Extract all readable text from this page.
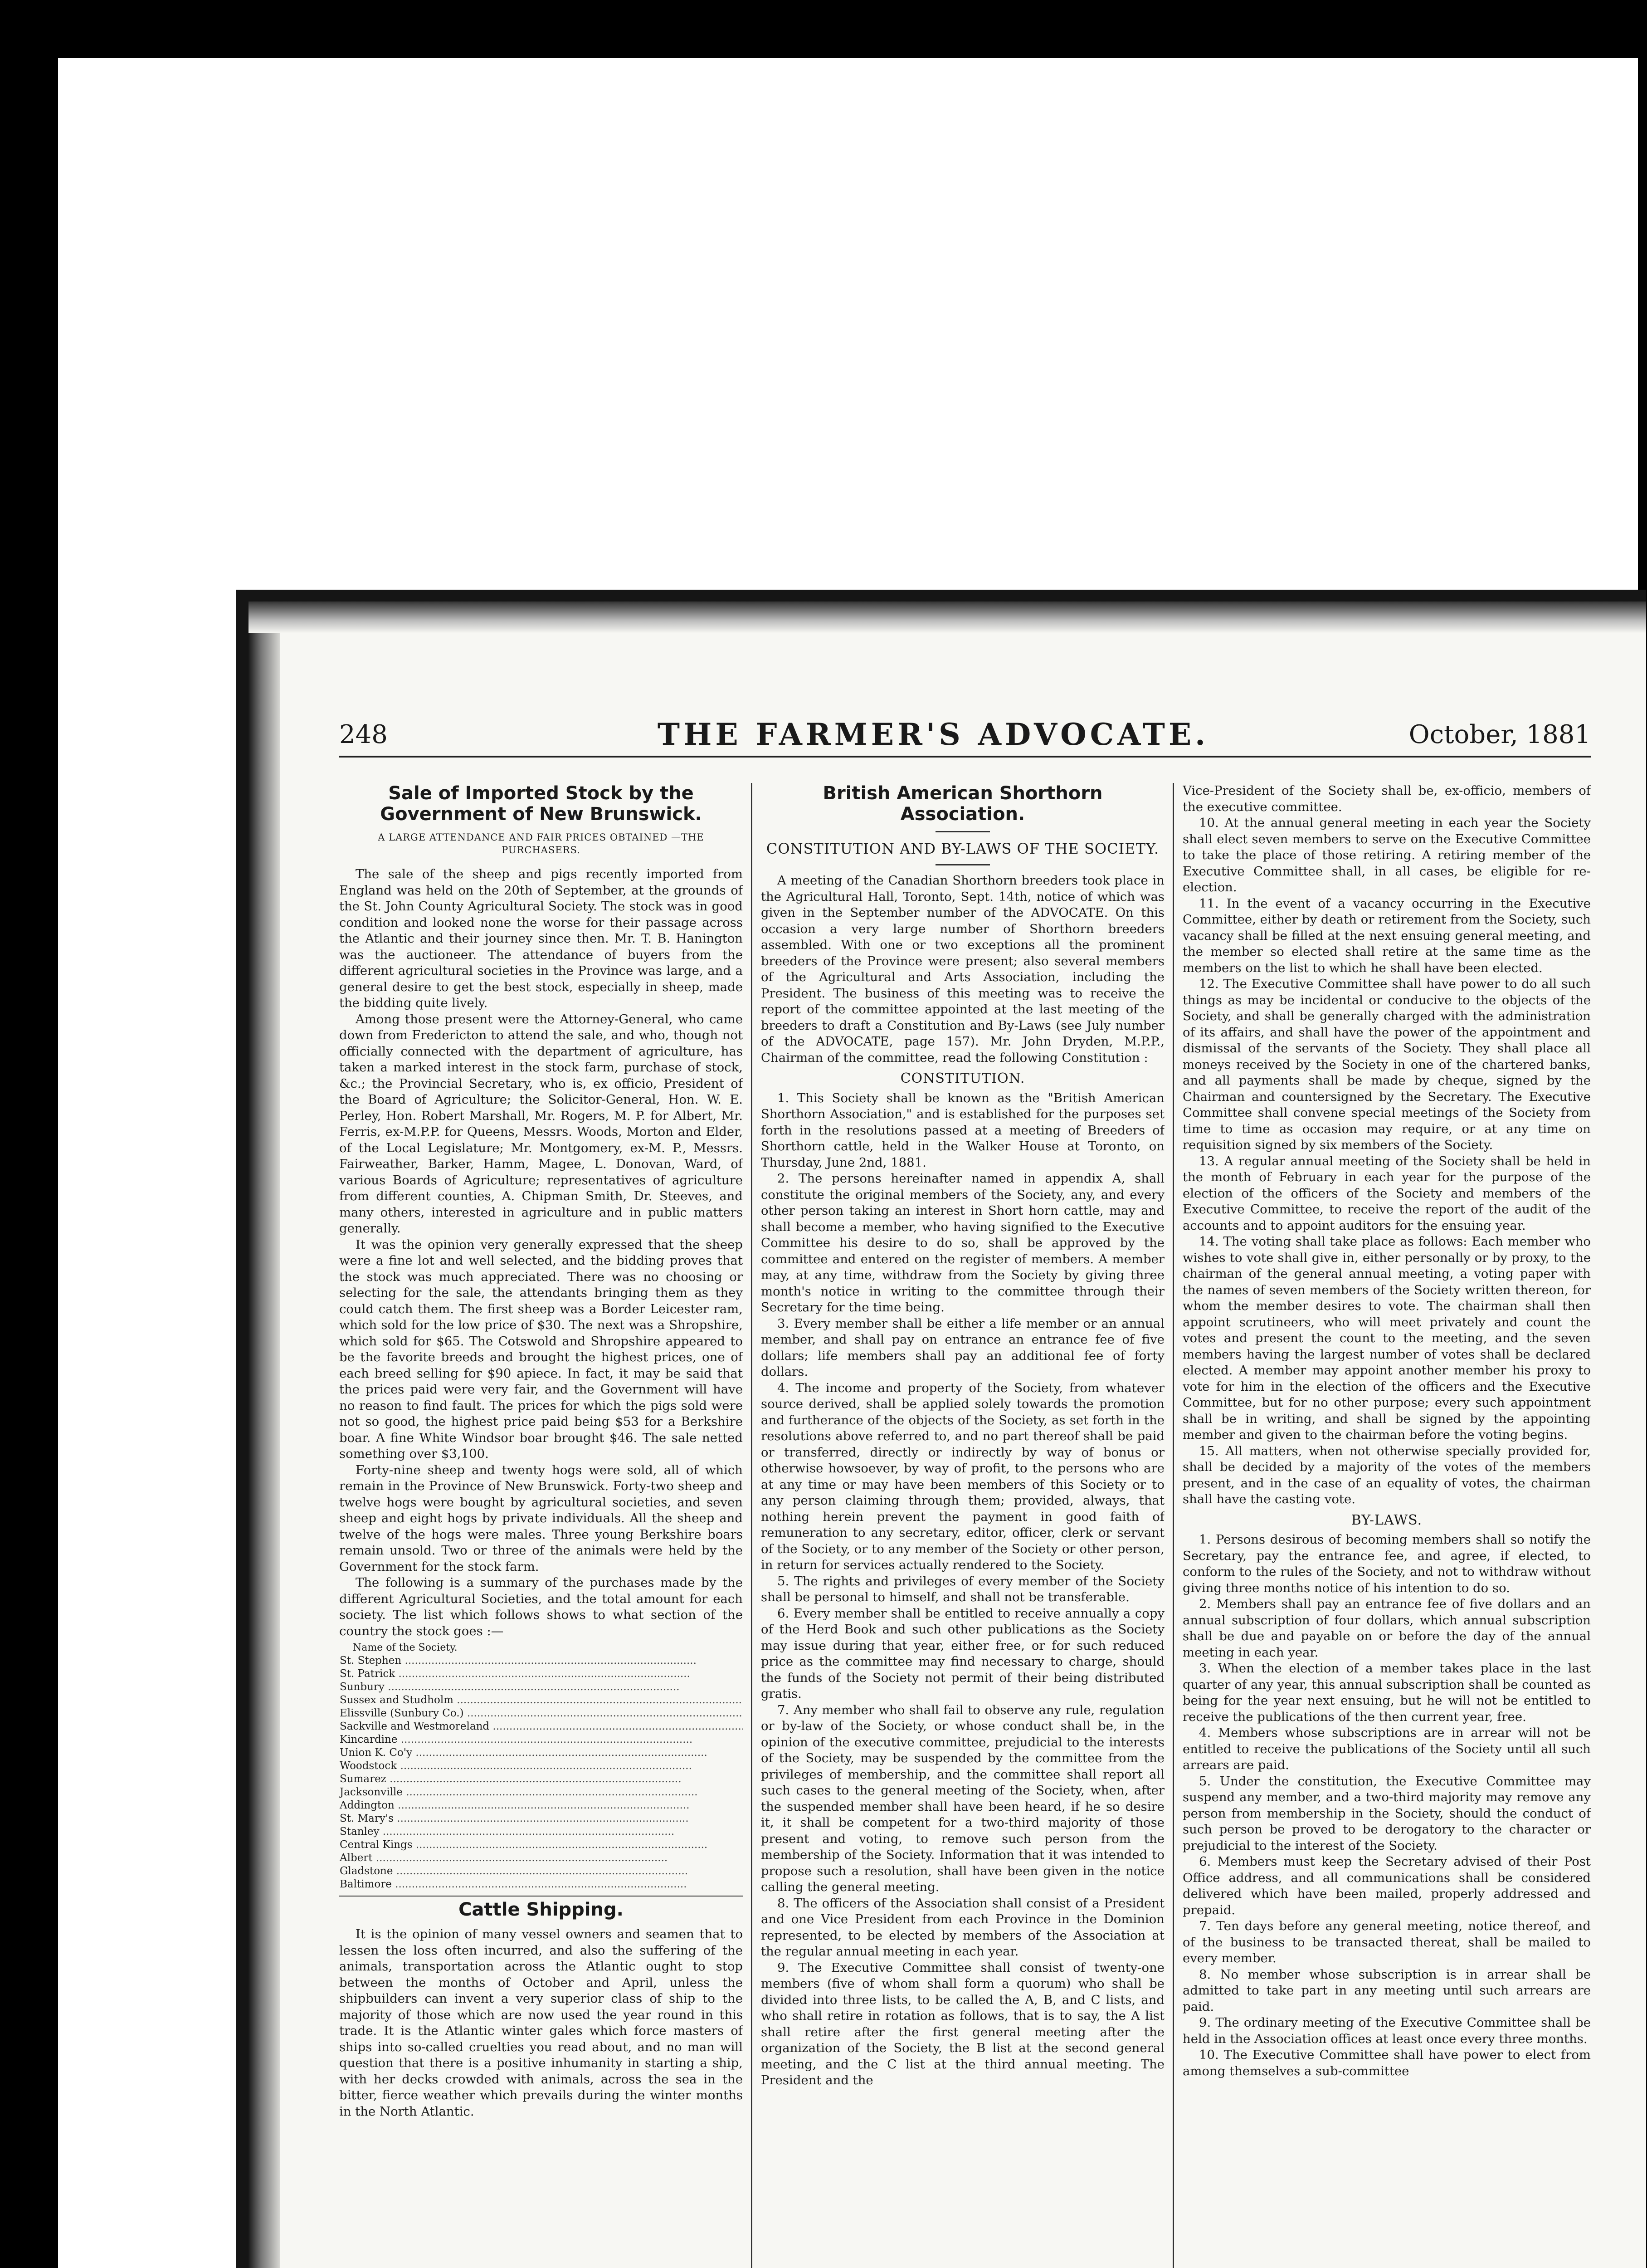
248	THE FARMER'S ADVOCATE.	October, 1881
Sale of Imported Stock by the Government of New Brunswick.
A LARGE ATTENDANCE AND FAIR PRICES OBTAINED —THE PURCHASERS.

The sale of the sheep and pigs recently imported from England was held on the 20th of September, at the grounds of the St. John County Agricultural Society. The stock was in good condition and looked none the worse for their passage across the Atlantic and their journey since then. Mr. T. B. Hanington was the auctioneer. The attendance of buyers from the different agricultural societies in the Province was large, and a general desire to get the best stock, especially in sheep, made the bidding quite lively.

Among those present were the Attorney-General, who came down from Fredericton to attend the sale, and who, though not officially connected with the department of agriculture, has taken a marked interest in the stock farm, purchase of stock, &c.; the Provincial Secretary, who is, ex officio, President of the Board of Agriculture; the Solicitor-General, Hon. W. E. Perley, Hon. Robert Marshall, Mr. Rogers, M. P. for Albert, Mr. Ferris, ex-M.P.P. for Queens, Messrs. Woods, Morton and Elder, of the Local Legislature; Mr. Montgomery, ex-M. P., Messrs. Fairweather, Barker, Hamm, Magee, L. Donovan, Ward, of various Boards of Agriculture; representatives of agriculture from different counties, A. Chipman Smith, Dr. Steeves, and many others, interested in agriculture and in public matters generally.

It was the opinion very generally expressed that the sheep were a fine lot and well selected, and the bidding proves that the stock was much appreciated. There was no choosing or selecting for the sale, the attendants bringing them as they could catch them. The first sheep was a Border Leicester ram, which sold for the low price of $30. The next was a Shropshire, which sold for $65. The Cotswold and Shropshire appeared to be the favorite breeds and brought the highest prices, one of each breed selling for $90 apiece. In fact, it may be said that the prices paid were very fair, and the Government will have no reason to find fault. The prices for which the pigs sold were not so good, the highest price paid being $53 for a Berkshire boar. A fine White Windsor boar brought $46. The sale netted something over $3,100.

Forty-nine sheep and twenty hogs were sold, all of which remain in the Province of New Brunswick. Forty-two sheep and twelve hogs were bought by agricultural societies, and seven sheep and eight hogs by private individuals. All the sheep and twelve of the hogs were males. Three young Berkshire boars remain unsold. Two or three of the animals were held by the Government for the stock farm.

The following is a summary of the purchases made by the different Agricultural Societies, and the total amount for each society. The list which follows shows to what section of the country the stock goes :—

Name of the Society.	
St. Stephen .....	
St. Patrick .....	
Sunbury .....	
Sussex and Studholm .....	
Elissville (Sunbury Co.) .....	
Sackville and Westmoreland .....	
Kincardine .....	
Union K. Co'y .....	
Woodstock .....	
Sumarez .....	
Jacksonville .....	
Addington .....	
St. Mary's .....	
Stanley .....	
Central Kings .....	
Albert .....	
Gladstone .....	
Baltimore .....	
Cattle Shipping.

It is the opinion of many vessel owners and seamen that to lessen the loss often incurred, and also the suffering of the animals, transportation across the Atlantic ought to stop between the months of October and April, unless the shipbuilders can invent a very superior class of ship to the majority of those which are now used the year round in this trade. It is the Atlantic winter gales which force masters of ships into so-called cruelties you read about, and no man will question that there is a positive inhumanity in starting a ship, with her decks crowded with animals, across the sea in the bitter, fierce weather which prevails during the winter months in the North Atlantic.

British American Shorthorn Association.
CONSTITUTION AND BY-LAWS OF THE SOCIETY.

A meeting of the Canadian Shorthorn breeders took place in the Agricultural Hall, Toronto, Sept. 14th, notice of which was given in the September number of the ADVOCATE. On this occasion a very large number of Shorthorn breeders assembled. With one or two exceptions all the prominent breeders of the Province were present; also several members of the Agricultural and Arts Association, including the President. The business of this meeting was to receive the report of the committee appointed at the last meeting of the breeders to draft a Constitution and By-Laws (see July number of the ADVOCATE, page 157). Mr. John Dryden, M.P.P., Chairman of the committee, read the following Constitution :

CONSTITUTION.

1. This Society shall be known as the "British American Shorthorn Association," and is established for the purposes set forth in the resolutions passed at a meeting of Breeders of Shorthorn cattle, held in the Walker House at Toronto, on Thursday, June 2nd, 1881.

2. The persons hereinafter named in appendix A, shall constitute the original members of the Society, any, and every other person taking an interest in Short horn cattle, may and shall become a member, who having signified to the Executive Committee his desire to do so, shall be approved by the committee and entered on the register of members. A member may, at any time, withdraw from the Society by giving three month's notice in writing to the committee through their Secretary for the time being.

3. Every member shall be either a life member or an annual member, and shall pay on entrance an entrance fee of five dollars; life members shall pay an additional fee of forty dollars.

4. The income and property of the Society, from whatever source derived, shall be applied solely towards the promotion and furtherance of the objects of the Society, as set forth in the resolutions above referred to, and no part thereof shall be paid or transferred, directly or indirectly by way of bonus or otherwise howsoever, by way of profit, to the persons who are at any time or may have been members of this Society or to any person claiming through them; provided, always, that nothing herein prevent the payment in good faith of remuneration to any secretary, editor, officer, clerk or servant of the Society, or to any member of the Society or other person, in return for services actually rendered to the Society.

5. The rights and privileges of every member of the Society shall be personal to himself, and shall not be transferable.

6. Every member shall be entitled to receive annually a copy of the Herd Book and such other publications as the Society may issue during that year, either free, or for such reduced price as the committee may find necessary to charge, should the funds of the Society not permit of their being distributed gratis.

7. Any member who shall fail to observe any rule, regulation or by-law of the Society, or whose conduct shall be, in the opinion of the executive committee, prejudicial to the interests of the Society, may be suspended by the committee from the privileges of membership, and the committee shall report all such cases to the general meeting of the Society, when, after the suspended member shall have been heard, if he so desire it, it shall be competent for a two-third majority of those present and voting, to remove such person from the membership of the Society. Information that it was intended to propose such a resolution, shall have been given in the notice calling the general meeting.

8. The officers of the Association shall consist of a President and one Vice President from each Province in the Dominion represented, to be elected by members of the Association at the regular annual meeting in each year.

9. The Executive Committee shall consist of twenty-one members (five of whom shall form a quorum) who shall be divided into three lists, to be called the A, B, and C lists, and who shall retire in rotation as follows, that is to say, the A list shall retire after the first general meeting after the organization of the Society, the B list at the second general meeting, and the C list at the third annual meeting. The President and the

Vice-President of the Society shall be, ex-officio, members of the executive committee.

10. At the annual general meeting in each year the Society shall elect seven members to serve on the Executive Committee to take the place of those retiring. A retiring member of the Executive Committee shall, in all cases, be eligible for re-election.

11. In the event of a vacancy occurring in the Executive Committee, either by death or retirement from the Society, such vacancy shall be filled at the next ensuing general meeting, and the member so elected shall retire at the same time as the members on the list to which he shall have been elected.

12. The Executive Committee shall have power to do all such things as may be incidental or conducive to the objects of the Society, and shall be generally charged with the administration of its affairs, and shall have the power of the appointment and dismissal of the servants of the Society. They shall place all moneys received by the Society in one of the chartered banks, and all payments shall be made by cheque, signed by the Chairman and countersigned by the Secretary. The Executive Committee shall convene special meetings of the Society from time to time as occasion may require, or at any time on requisition signed by six members of the Society.

13. A regular annual meeting of the Society shall be held in the month of February in each year for the purpose of the election of the officers of the Society and members of the Executive Committee, to receive the report of the audit of the accounts and to appoint auditors for the ensuing year.

14. The voting shall take place as follows: Each member who wishes to vote shall give in, either personally or by proxy, to the chairman of the general annual meeting, a voting paper with the names of seven members of the Society written thereon, for whom the member desires to vote. The chairman shall then appoint scrutineers, who will meet privately and count the votes and present the count to the meeting, and the seven members having the largest number of votes shall be declared elected. A member may appoint another member his proxy to vote for him in the election of the officers and the Executive Committee, but for no other purpose; every such appointment shall be in writing, and shall be signed by the appointing member and given to the chairman before the voting begins.

15. All matters, when not otherwise specially provided for, shall be decided by a majority of the votes of the members present, and in the case of an equality of votes, the chairman shall have the casting vote.

BY-LAWS.

1. Persons desirous of becoming members shall so notify the Secretary, pay the entrance fee, and agree, if elected, to conform to the rules of the Society, and not to withdraw without giving three months notice of his intention to do so.

2. Members shall pay an entrance fee of five dollars and an annual subscription of four dollars, which annual subscription shall be due and payable on or before the day of the annual meeting in each year.

3. When the election of a member takes place in the last quarter of any year, this annual subscription shall be counted as being for the year next ensuing, but he will not be entitled to receive the publications of the then current year, free.

4. Members whose subscriptions are in arrear will not be entitled to receive the publications of the Society until all such arrears are paid.

5. Under the constitution, the Executive Committee may suspend any member, and a two-third majority may remove any person from membership in the Society, should the conduct of such person be proved to be derogatory to the character or prejudicial to the interest of the Society.

6. Members must keep the Secretary advised of their Post Office address, and all communications shall be considered delivered which have been mailed, properly addressed and prepaid.

7. Ten days before any general meeting, notice thereof, and of the business to be transacted thereat, shall be mailed to every member.

8. No member whose subscription is in arrear shall be admitted to take part in any meeting until such arrears are paid.

9. The ordinary meeting of the Executive Committee shall be held in the Association offices at least once every three months.

10. The Executive Committee shall have power to elect from among themselves a sub-committee
